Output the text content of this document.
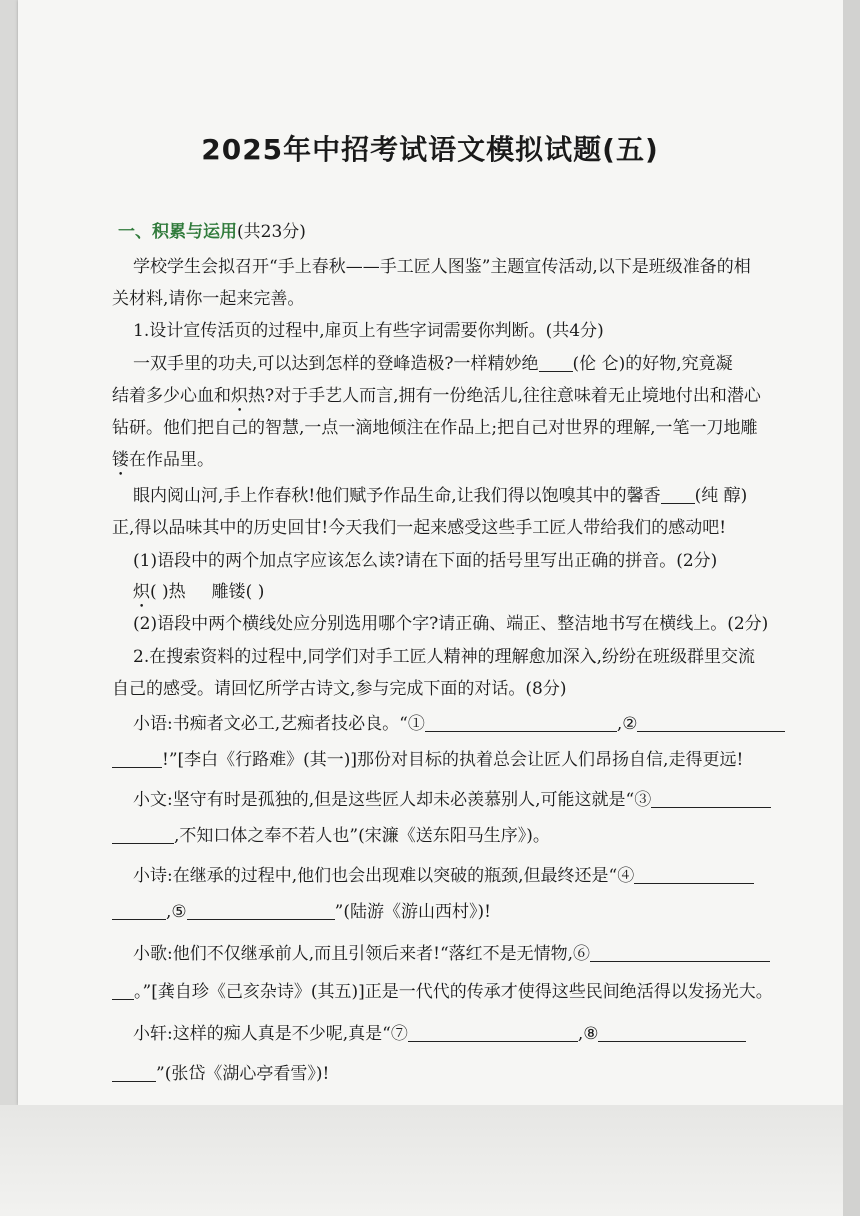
2025年中招考试语文模拟试题(五)
一、积累与运用(共23分)
学校学生会拟召开“手上春秋——手工匠人图鉴”主题宣传活动,以下是班级准备的相
关材料,请你一起来完善。
1.设计宣传活页的过程中,扉页上有些字词需要你判断。(共4分)
一双手里的功夫,可以达到怎样的登峰造极?一样精妙绝 (伦 仑)的好物,究竟凝
结着多少心血和炽热?对于手艺人而言,拥有一份绝活儿,往往意味着无止境地付出和潜心
钻研。他们把自己的智慧,一点一滴地倾注在作品上;把自己对世界的理解,一笔一刀地雕
镂在作品里。
眼内阅山河,手上作春秋!他们赋予作品生命,让我们得以饱嗅其中的馨香 (纯 醇)
正,得以品味其中的历史回甘!今天我们一起来感受这些手工匠人带给我们的感动吧!
(1)语段中的两个加点字应该怎么读?请在下面的括号里写出正确的拼音。(2分)
炽( )热 雕镂( )
(2)语段中两个横线处应分别选用哪个字?请正确、端正、整洁地书写在横线上。(2分)
2.在搜索资料的过程中,同学们对手工匠人精神的理解愈加深入,纷纷在班级群里交流
自己的感受。请回忆所学古诗文,参与完成下面的对话。(8分)
小语:书痴者文必工,艺痴者技必良。“①	,②
!”[李白《行路难》(其一)]那份对目标的执着总会让匠人们昂扬自信,走得更远!
小文:坚守有时是孤独的,但是这些匠人却未必羡慕别人,可能这就是“③
,不知口体之奉不若人也”(宋濂《送东阳马生序》)。
小诗:在继承的过程中,他们也会出现难以突破的瓶颈,但最终还是“④
,⑤	”(陆游《游山西村》)!
小歌:他们不仅继承前人,而且引领后来者!“落红不是无情物,⑥
。”[龚自珍《己亥杂诗》(其五)]正是一代代的传承才使得这些民间绝活得以发扬光大。
小轩:这样的痴人真是不少呢,真是“⑦	,⑧
”(张岱《湖心亭看雪》)!
